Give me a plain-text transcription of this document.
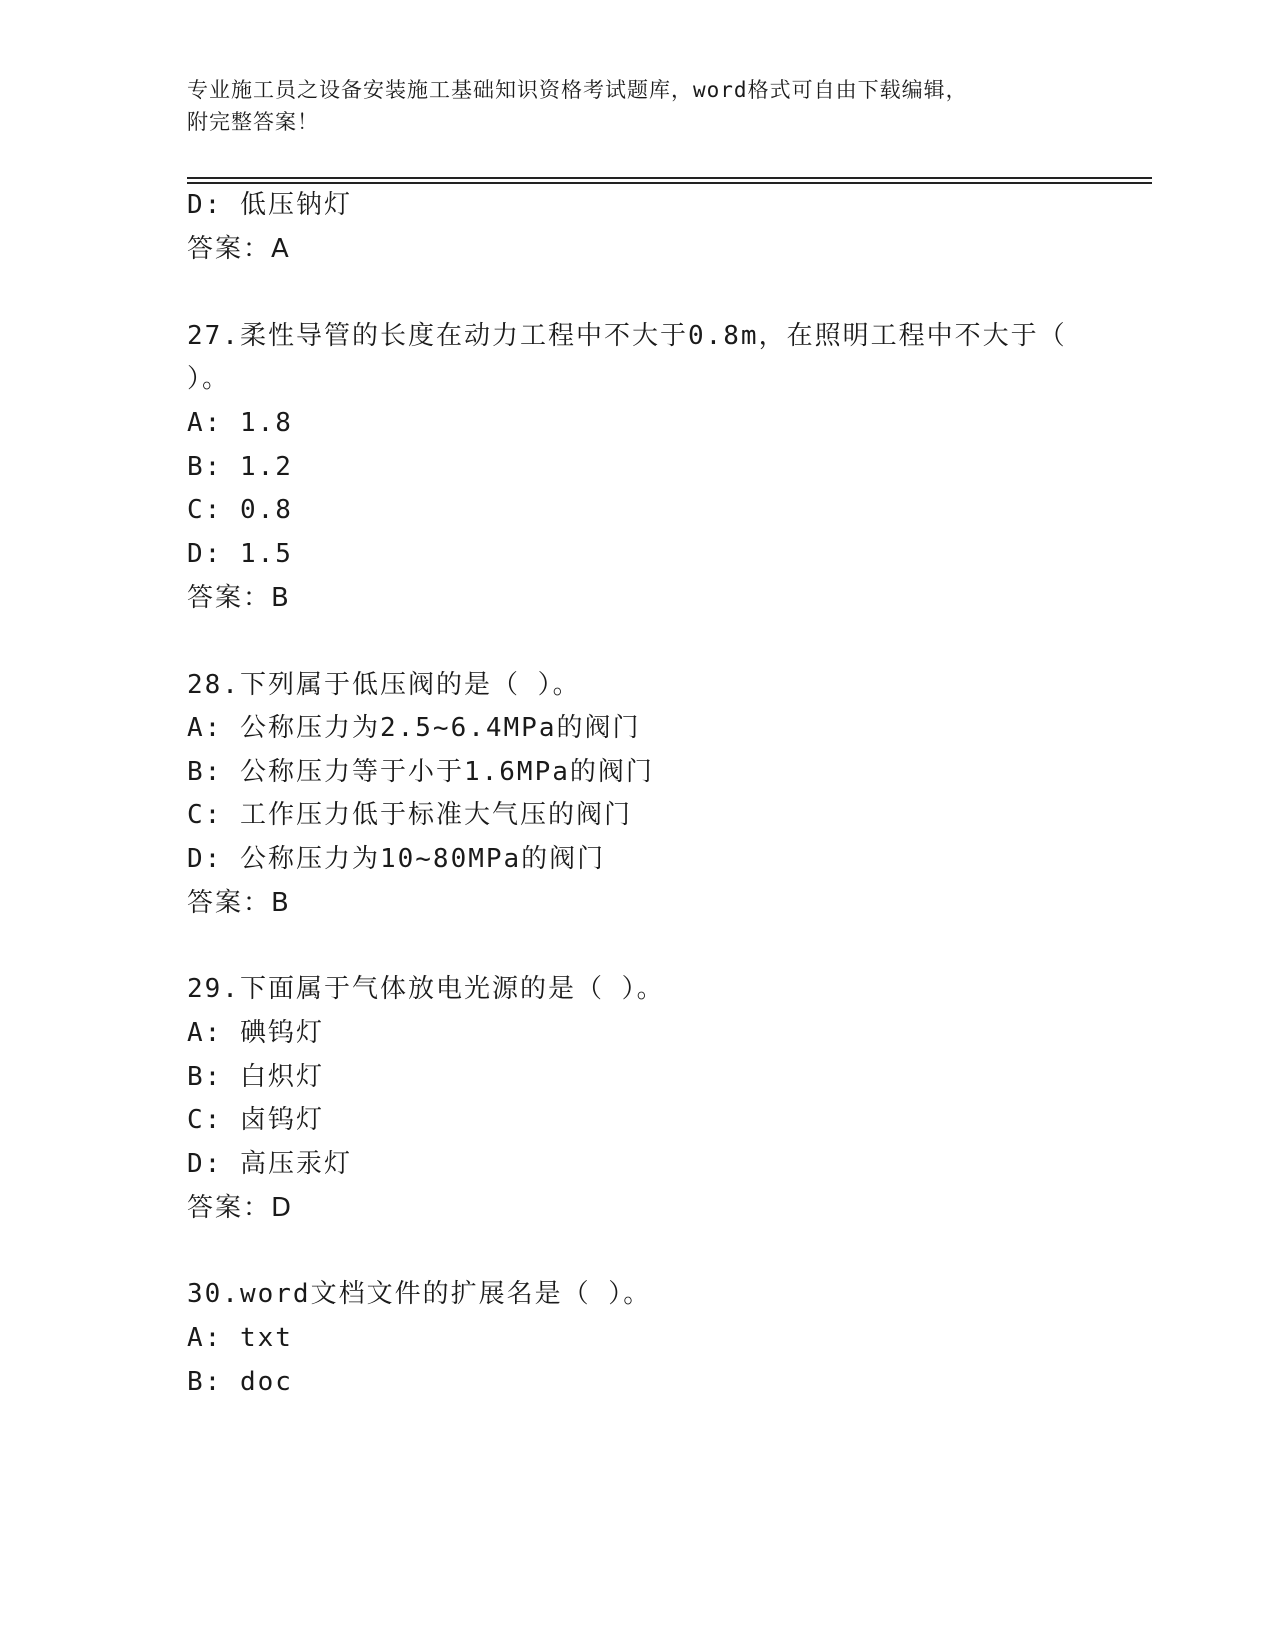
专业施工员之设备安装施工基础知识资格考试题库，word格式可自由下载编辑，
附完整答案！
D: 低压钠灯
答案：A
27.柔性导管的长度在动力工程中不大于0.8m，在照明工程中不大于（
）。
A: 1.8
B: 1.2
C: 0.8
D: 1.5
答案：B
28.下列属于低压阀的是（ ）。
A: 公称压力为2.5~6.4MPa的阀门
B: 公称压力等于小于1.6MPa的阀门
C: 工作压力低于标准大气压的阀门
D: 公称压力为10~80MPa的阀门
答案：B
29.下面属于气体放电光源的是（ ）。
A: 碘钨灯
B: 白炽灯
C: 卤钨灯
D: 高压汞灯
答案：D
30.word文档文件的扩展名是（ ）。
A: txt
B: doc
